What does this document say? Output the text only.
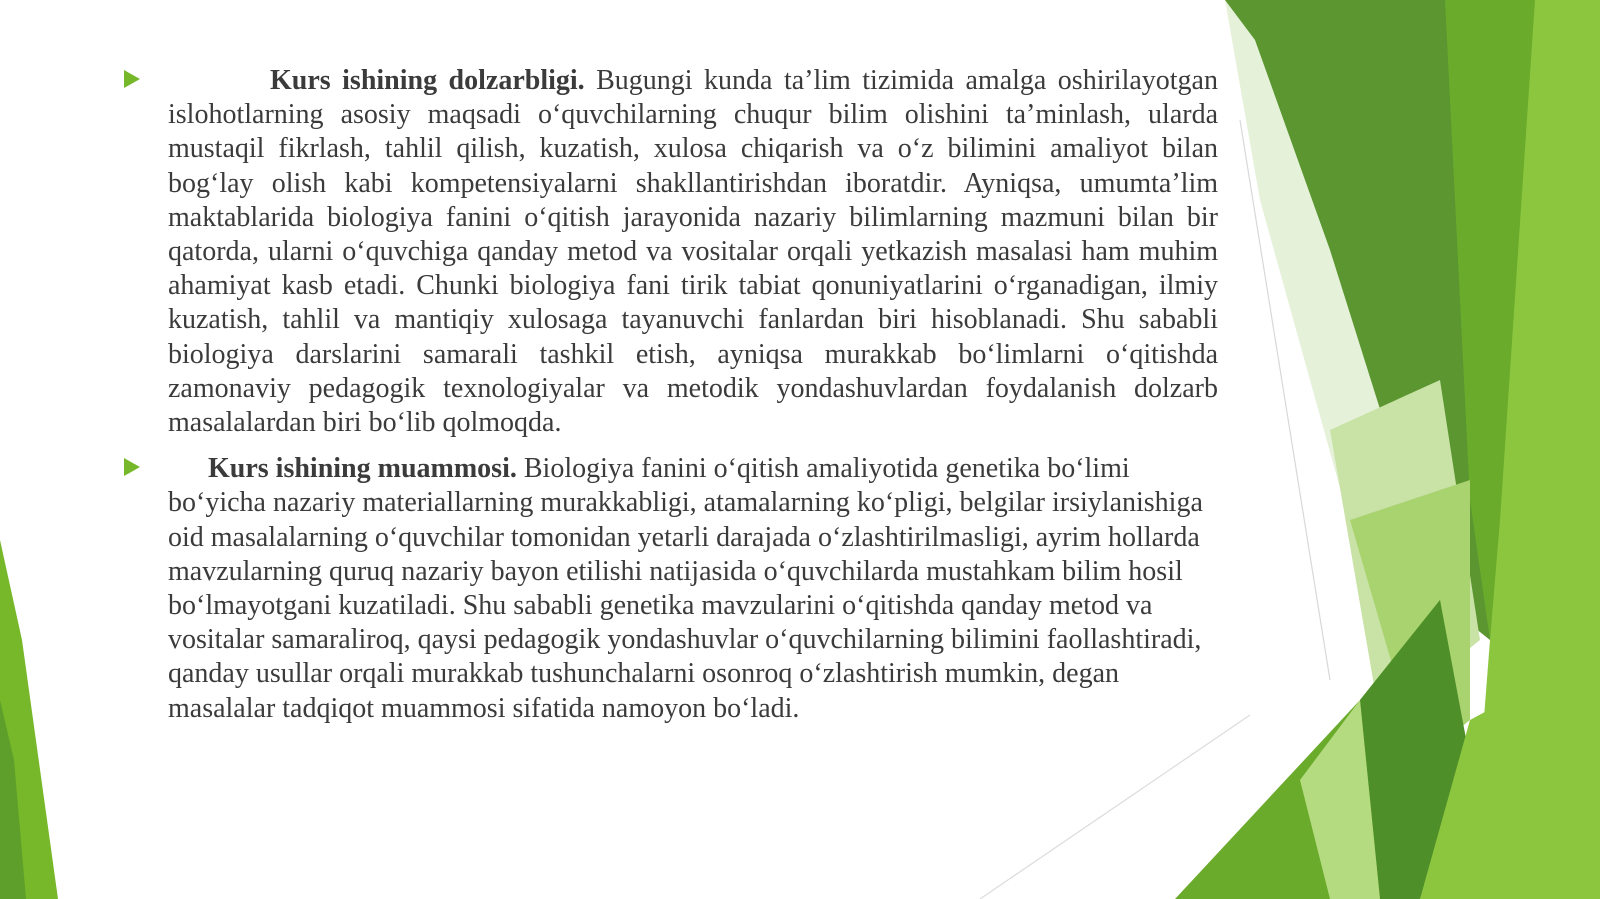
Kurs ishining dolzarbligi. Bugungi kunda ta’lim tizimida amalga oshirilayotgan islohotlarning asosiy maqsadi o‘quvchilarning chuqur bilim olishini ta’minlash, ularda mustaqil fikrlash, tahlil qilish, kuzatish, xulosa chiqarish va o‘z bilimini amaliyot bilan bog‘lay olish kabi kompetensiyalarni shakllantirishdan iboratdir. Ayniqsa, umumta’lim maktablarida biologiya fanini o‘qitish jarayonida nazariy bilimlarning mazmuni bilan bir qatorda, ularni o‘quvchiga qanday metod va vositalar orqali yetkazish masalasi ham muhim ahamiyat kasb etadi. Chunki biologiya fani tirik tabiat qonuniyatlarini o‘rganadigan, ilmiy kuzatish, tahlil va mantiqiy xulosaga tayanuvchi fanlardan biri hisoblanadi. Shu sababli biologiya darslarini samarali tashkil etish, ayniqsa murakkab bo‘limlarni o‘qitishda zamonaviy pedagogik texnologiyalar va metodik yondashuvlardan foydalanish dolzarb masalalardan biri bo‘lib qolmoqda.

Kurs ishining muammosi. Biologiya fanini o‘qitish amaliyotida genetika bo‘limi bo‘yicha nazariy materiallarning murakkabligi, atamalarning ko‘pligi, belgilar irsiylanishiga oid masalalarning o‘quvchilar tomonidan yetarli darajada o‘zlashtirilmasligi, ayrim hollarda mavzularning quruq nazariy bayon etilishi natijasida o‘quvchilarda mustahkam bilim hosil bo‘lmayotgani kuzatiladi. Shu sababli genetika mavzularini o‘qitishda qanday metod va vositalar samaraliroq, qaysi pedagogik yondashuvlar o‘quvchilarning bilimini faollashtiradi, qanday usullar orqali murakkab tushunchalarni osonroq o‘zlashtirish mumkin, degan masalalar tadqiqot muammosi sifatida namoyon bo‘ladi.
